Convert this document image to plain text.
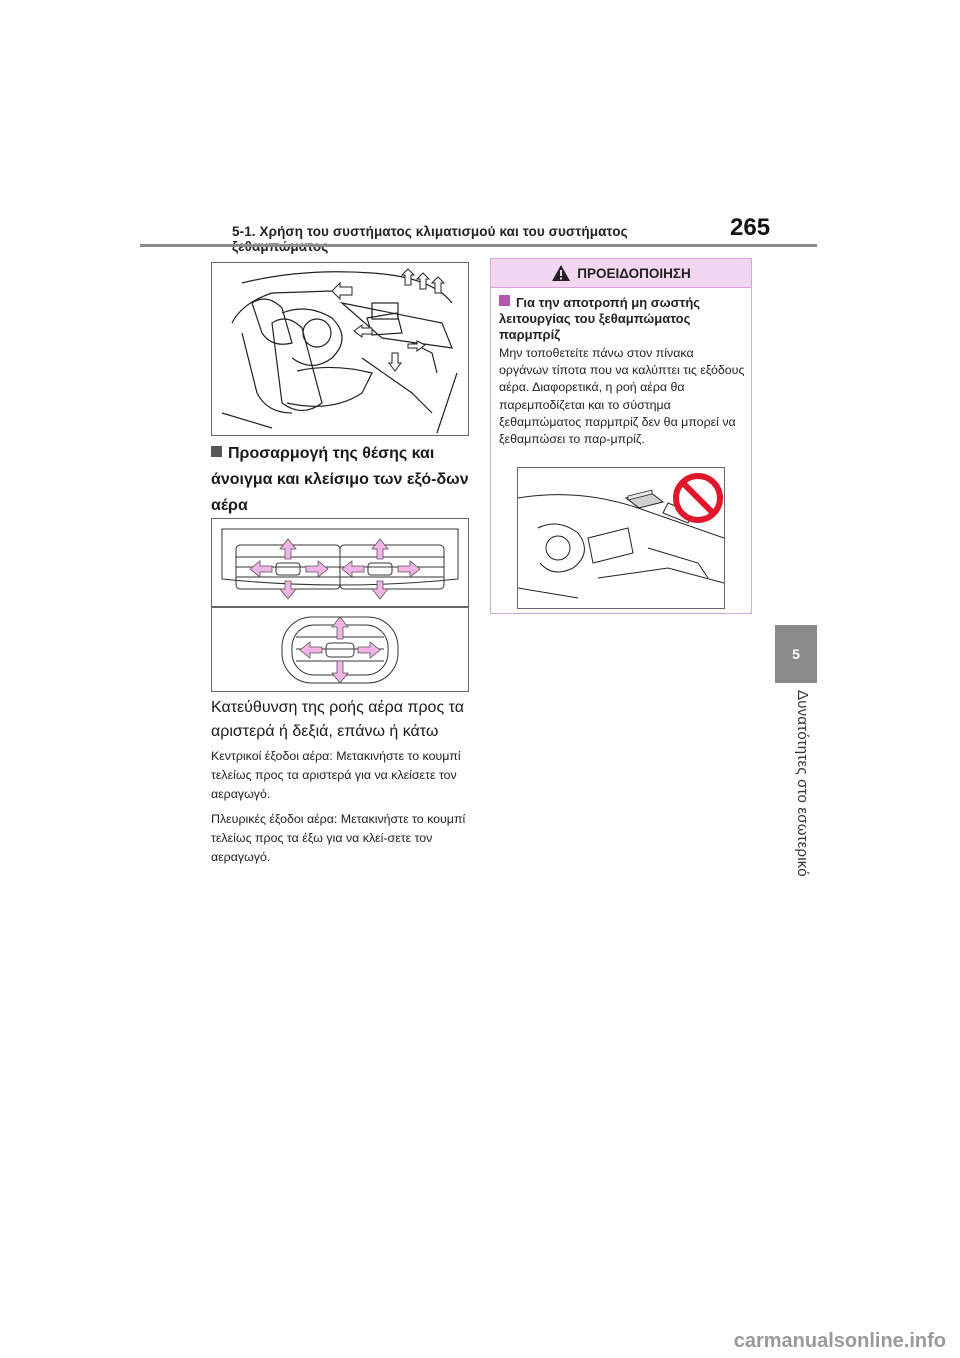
5-1. Χρήση του συστήματος κλιματισμού και του συστήματος	265
5
Δυνατότητες στο εσωτερικό
Προσαρμογή της θέσης και άνοιγμα και κλείσιμο των εξό-δων αέρα
Κατεύθυνση της ροής αέρα προς τα αριστερά ή δεξιά, επάνω ή κάτω
Κεντρικοί έξοδοι αέρα: Μετακινήστε το κουμπί τελείως προς τα αριστερά για να κλείσετε τον αεραγωγό.
Πλευρικές έξοδοι αέρα: Μετακινήστε το κουμπί τελείως προς τα έξω για να κλεί-σετε τον αεραγωγό.
ΠΡΟΕΙΔΟΠΟΙΗΣΗ
Για την αποτροπή μη σωστής λειτουργίας του ξεθαμπώματος παρμπρίζ
Μην τοποθετείτε πάνω στον πίνακα οργάνων τίποτα που να καλύπτει τις εξόδους αέρα. Διαφορετικά, η ροή αέρα θα παρεμποδίζεται και το σύστημα ξεθαμπώματος παρμπρίζ δεν θα μπορεί να ξεθαμπώσει το παρ-μπρίζ.
carmanualsonline.info
